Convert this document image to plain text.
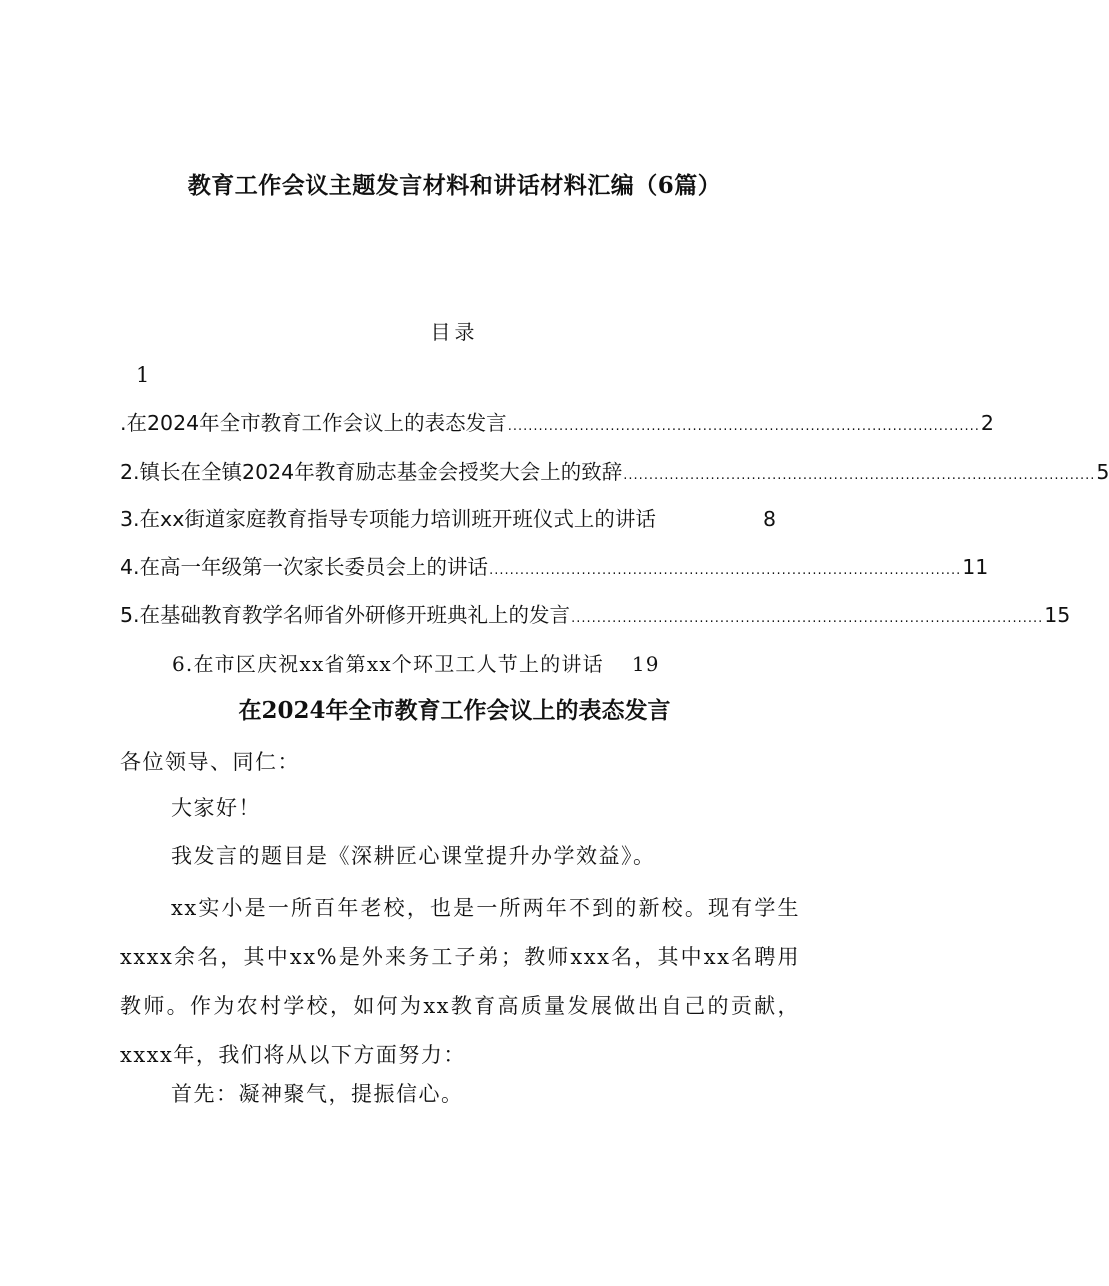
教育工作会议主题发言材料和讲话材料汇编（6篇）
目录
1
.在2024年全市教育工作会议上的表态发言 ............................................................................................ 2
2.镇长在全镇2024年教育励志基金会授奖大会上的致辞 ............................................................................................ 5
3.在xx街道家庭教育指导专项能力培训班开班仪式上的讲话	8
4.在高一年级第一次家长委员会上的讲话 ............................................................................................ 11
5.在基础教育教学名师省外研修开班典礼上的发言 ............................................................................................ 15
6.在市区庆祝xx省第xx个环卫工人节上的讲话 19
在2024年全市教育工作会议上的表态发言
各位领导、同仁：
大家好！
我发言的题目是《深耕匠心课堂提升办学效益》。
xx实小是一所百年老校，也是一所两年不到的新校。现有学生xxxx余名，其中xx%是外来务工子弟；教师xxx名，其中xx名聘用教师。作为农村学校，如何为xx教育高质量发展做出自己的贡献，xxxx年，我们将从以下方面努力：
首先：凝神聚气，提振信心。
